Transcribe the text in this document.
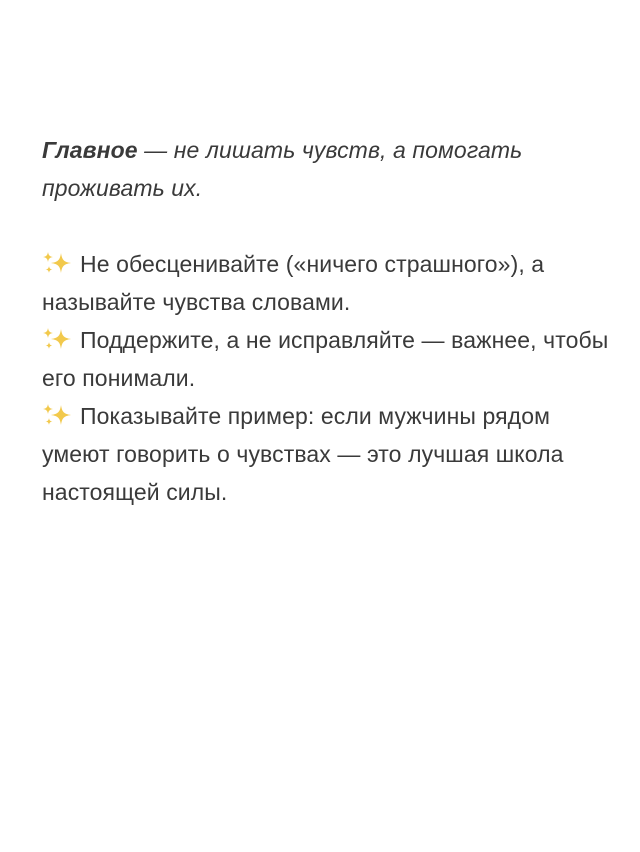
Главное — не лишать чувств, а помогать проживать их.

Не обесценивайте («ничего страшного»), а называйте чувства словами.
Поддержите, а не исправляйте — важнее, чтобы его понимали.
Показывайте пример: если мужчины рядом умеют говорить о чувствах — это лучшая школа настоящей силы.
